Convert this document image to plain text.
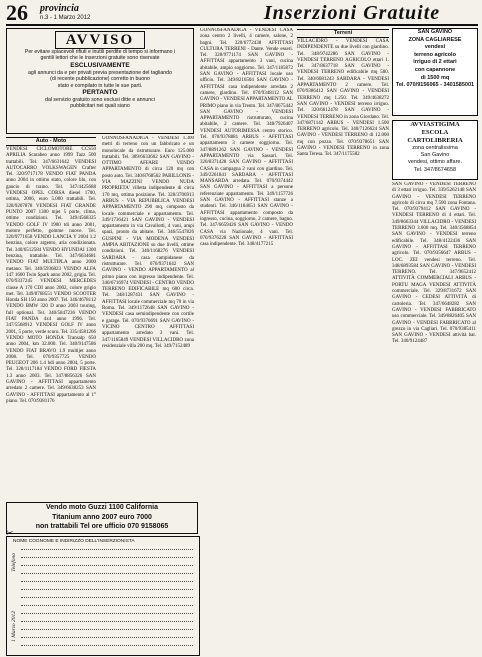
26 provincia
n.3 - 1 Marzo 2012	Inserzioni Gratuite
AVVISO
Per evitare spiacevoli rifiuti e inutili perdite di tempo si informano i
gentili lettori che le inserzioni gratuite sono riservate
ESCLUSIVAMENTE
agli annunci da e per privati previa presentazione del tagliando
(di recente pubblicazione) corretto in buono
stato e compilato in tutte le sue parti.
PERTANTO
dal servizio gratuito sono esclusi ditte e annunci
pubblicitari nei quali siano
Auto - Moto

VENDESI CICLOMOTORE CCS50 APRILIA Scarabeo anno 1999 Tazz 500 trattabili. Tel. 347/6631642 VENDESI AUTOCARRO VOLKSWAGEN Crafter Tel. 320/9717178 VENDO FIAT PANDA anno 2004 in ottimo stato, colore blu, con gancio di traino. Tel. 347/4425688 VENDESI OPEL CORSA diesel 1700, ottima, 2006, euro 5.000 trattabili. Tel. 328/9207878 VENDESI FIAT GRANDE PUNTO 2007 1300 mjet 5 porte, clima, ottime condizioni. Tel. 349/4568325 VENDO GOLF IV 1900 tdi anno 2001, motore perfetto, gomme nuove. Tel. 320/9771658 VENDO LANCIA Y 2004 1.2 benzina, colore argento, aria condizionata. Tel. 340/6512584 VENDO HYUNDAI 1300 benzina, trattabile. Tel. 347/6634681 VENDO FIAT MULTIPLA anno 2000 metano. Tel. 340/5936823 VENDO ALFA 147 1600 Twin Spark anno 2002, grigia. Tel. 070/9337245 VENDESI MERCEDES classe A 170 CDI anno 2002, colore grigio met. Tel. 349/8768551 VENDO SCOOTER Honda SH 150 anno 2007. Tel. 346/4678112 VENDO BMW 320 D anno 2003 touring, full optional. Tel. 340/5847236 VENDO FIAT PANDA 4x4 anno 1996. Tel. 347/5568912 VENDESI GOLF IV anno 2001, 5 porte, verde scuro. Tel. 335/4581266 VENDO MOTO HONDA Transalp 650 anno 2004, km 32.000. Tel. 340/9147586 VENDO FIAT BRAVO 1.9 multijet anno 2008. Tel. 070/9357725 VENDO PEUGEOT 206 1.4 hdi anno 2004, 5 porte. Tel. 328/1117184 VENDO FORD FIESTA 1.3 anno 2003. Tel. 347/8856326 SAN GAVINO - AFFITTASI appartamento arredato 2 camere. Tel. 349/6638253 SAN GAVINO - AFFITTASI appartamento al 1° piano. Tel. 070/9381176

GONNOSFANADIGA - VENDESI 1.300 metri di terreno con un fabbricato e un monolocale da ristrutturare. Euro 125.000 trattabili. Tel. 389/6633602 SAN GAVINO - OTTIMO AFFARE VENDO APPARTAMENTO di circa 120 mq con posto auto. Tel. 340/8768562 PABILLONIS - VIA MAZZINI VENDO NUDA PROPRIETA' villetta indipendente di circa 170 mq, ottima posizione. Tel. 328/3706913 ARBUS - VIA REPUBBLICA VENDESI APPARTAMENTO 290 mq, composto da locale commerciale e appartamento. Tel. 349/1736421 SAN GAVINO - VENDESI appartamento in via Cavallotti, 4 vani, ampi spazi, pronto da abitare. Tel. 346/5547826 GUSPINI - VIA MODENA VENDESI AMPIA ABITAZIONE su due livelli, ottime condizioni. Tel. 340/1168276 VENDESI SARDARA - casa campidanese da ristrutturare. Tel. 070/9371642 SAN GAVINO - VENDO APPARTAMENTO al primo piano con ingresso indipendente. Tel. 340/6716974 VENDESI - CENTRO VENDO TERRENO EDIFICABILE mq 600 circa. Tel. 348/1287431 SAN GAVINO - AFFITTASI locale commerciale mq 70 in via Roma. Tel. 349/1172648 SAN GAVINO - VENDESI casa semindipendente con cortile e garage. Tel. 070/9376691 SAN GAVINO - VICINO CENTRO AFFITTASI appartamento arredato 3 vani. Tel. 347/1165849 VENDESI VILLACIDRO zona residenziale villa 200 mq. Tel. 349/7152489

Vendo moto Guzzi 1100 California
Titanium anno 2007 euro 7000
non trattabili Tel ore ufficio 070 9158065
✂
NOME COGNOME E INDIRIZZO DELL'INSERZIONISTA
Telefono
1 Marzo 2012

GONNOSFANADIGA - VENDESI CASA zona centro 2 livelli, 4 camere, salone, 2 bagni. Tel. 320/6772438 AFFITTASI CULTURA TERRENI - Dante. Vende esseri. Tel. 328/9771174 SAN GAVINO - AFFITTASI appartamento 3 vani, cucina abitabile, ampio soggiorno. Tel. 347/1185872 SAN GAVINO - AFFITTASI locale uso ufficio. Tel. 349/8216504 SAN GAVINO - AFFITTASI casa indipendente arredata 2 camere, giardino. Tel. 070/9348112 SAN GAVINO - VENDESI APPARTAMENTO AL PRIMO piano in via Trento. Tel. 347/8675442 SAN GAVINO - VENDESI APPARTAMENTO ristrutturato, cucina abitabile, 2 camere. Tel. 348/7926407 VENDESI AUTORIMESSA centro storico. Tel. 070/9378881 ARBUS - AFFITTASI appartamento 3 camere soggiorno. Tel. 347/8891262 SAN GAVINO - VENDESI APPARTAMENTO via Sassari. Tel. 320/8371428 SAN GAVINO - AFFITTASI CASA in campagna 2 vani con giardino. Tel. 349/2261841 SARDARA - AFFITTASI MANSARDA arredata. Tel. 070/9374442 SAN GAVINO - AFFITTASI a persone referenziate appartamento. Tel. 349/1157726 SAN GAVINO - AFFITTASI stanze a studenti. Tel. 346/1184651 SAN GAVINO - AFFITTASI appartamento composto da ingresso, cucina, soggiorno, 2 camere, bagno. Tel. 347/6659426 SAN GAVINO - VENDO CASA via Nazionale, 4 vani. Tel. 070/9376228 SAN GAVINO - AFFITTASI casa indipendente. Tel. 348/4177215

Terreni

VILLACIDRO - VENDESI CASA INDIPENDENTE su due livelli con giardino. Tel. 348/9742286 SAN GAVINO - VENDESI TERRENO AGRICOLO ettari 1. Tel. 347/8637718 SAN GAVINO - VENDESI TERRENO edificabile mq 500. Tel. 340/6681243 SARDARA - VENDESI APPARTAMENTO 2 camere. Tel. 070/9386412 SAN GAVINO - VENDESI TERRENO mq 1.250. Tel. 349/4638272 SAN GAVINO - VENDESI terreno irriguo. Tel. 320/6612478 SAN GAVINO - VENDESI TERRENO in zona Giordano. Tel. 347/6871142 ARBUS - VENDESI 1.500 TERRENO agricolo. Tel. 340/7126624 SAN GAVINO - VENDESI TERRENO di 12.000 mq con pozzo. Tel. 070/9378651 SAN GAVINO - VENDESI TERRENO in zona Santa Teresa. Tel. 347/1175582

SAN GAVINO
ZONA CAGLIARESE
vendesi
terreno agricolo
irriguo di 2 ettari
con capannone
di 1500 mq
Tel. 070/9156065 - 3401585001
AVVIASTIGIMA
ESCOLA
CARTOLIBRERIA
zona centralissima
San Gavino
vendesi, ottimo affare.
Tel. 347/8674658

SAN GAVINO - VENDESI TERRENO di 3 ettari irriguo. Tel. 339/5262148 SAN GAVINO - VENDESI TERRENO agricolo di circa mq 7.500 zona Fontana. Tel. 070/9379412 SAN GAVINO - VENDESI TERRENO di 4 ettari. Tel. 349/8663344 VILLACIDRO - VENDESI TERRENO 3.000 mq. Tel. 340/3568854 SAN GAVINO - VENDESI terreno edificabile. Tel. 348/4122436 SAN GAVINO - AFFITTASI TERRENO agricolo. Tel. 070/9356647 ARBUS - LOC. ZEI vendesi terreno. Tel. 348/6893584 SAN GAVINO - VENDESI TERRENO. Tel. 347/9652412 ATTIVITÀ COMMERCIALI ARBUS - PORTU MAGA VENDESI ATTIVITÀ commerciale. Tel. 329/8731672 SAN GAVINO - CEDESI ATTIVITÀ di cartoleria. Tel. 347/6648282 SAN GAVINO - VENDESI FABBRICATO uso commerciale. Tel. 349/8826405 SAN GAVINO - VENDESI FABBRICATO al grezzo in via Cagliari. Tel. 070/9385411 SAN GAVINO - VENDESI attività bar. Tel. 340/9124487
